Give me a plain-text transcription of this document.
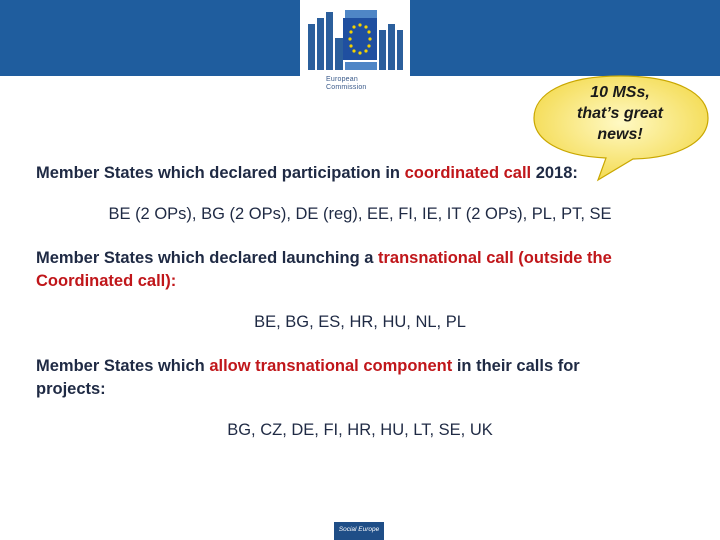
European
Commission	10 MSs,
that’s great
news!
Member States which declared participation in coordinated call 2018:
BE (2 OPs), BG (2 OPs), DE (reg), EE, FI, IE, IT (2 OPs), PL, PT, SE
Member States which declared launching a transnational call (outside the
Coordinated call):
BE, BG, ES, HR, HU, NL, PL
Member States which allow transnational component in their calls for
projects:
BG, CZ, DE, FI, HR, HU, LT, SE, UK
Social Europe
